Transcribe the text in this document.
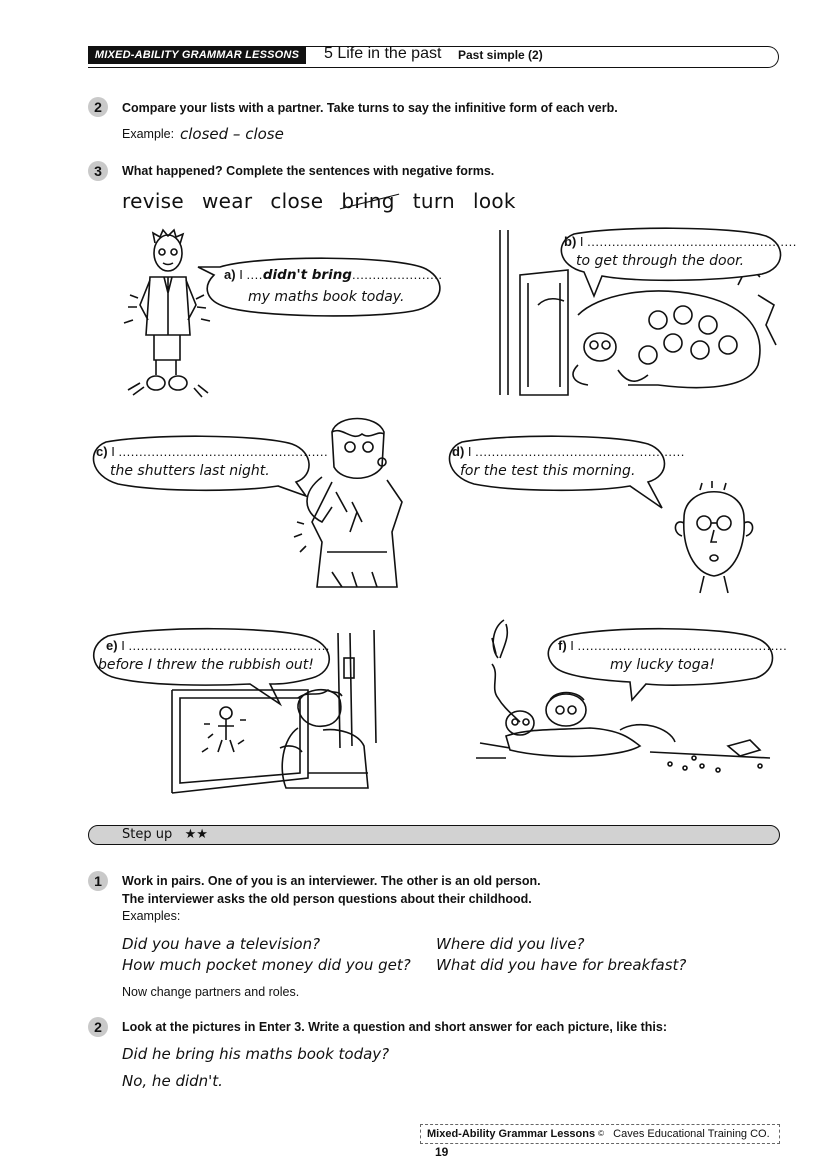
MIXED-ABILITY GRAMMAR LESSONS	5 Life in the past Past simple (2)
2	Compare your lists with a partner. Take turns to say the infinitive form of each verb.
Example: closed – close
3	What happened? Complete the sentences with negative forms.
revise wear close bring turn look
a) I ....didn't bring......................
my maths book today.
b) I ...................................................
to get through the door.
c) I ...................................................
the shutters last night.
d) I ...................................................
for the test this morning.
e) I .................................................
before I threw the rubbish out!
f) I ...................................................
my lucky toga!
Step up ★★
1	Work in pairs. One of you is an interviewer. The other is an old person.
The interviewer asks the old person questions about their childhood.
Examples:
Did you have a television?
How much pocket money did you get?
Where did you live?
What did you have for breakfast?
Now change partners and roles.
2	Look at the pictures in Enter 3. Write a question and short answer for each picture, like this:
Did he bring his maths book today?
No, he didn't.
Mixed-Ability Grammar Lessons © Caves Educational Training CO. 19
